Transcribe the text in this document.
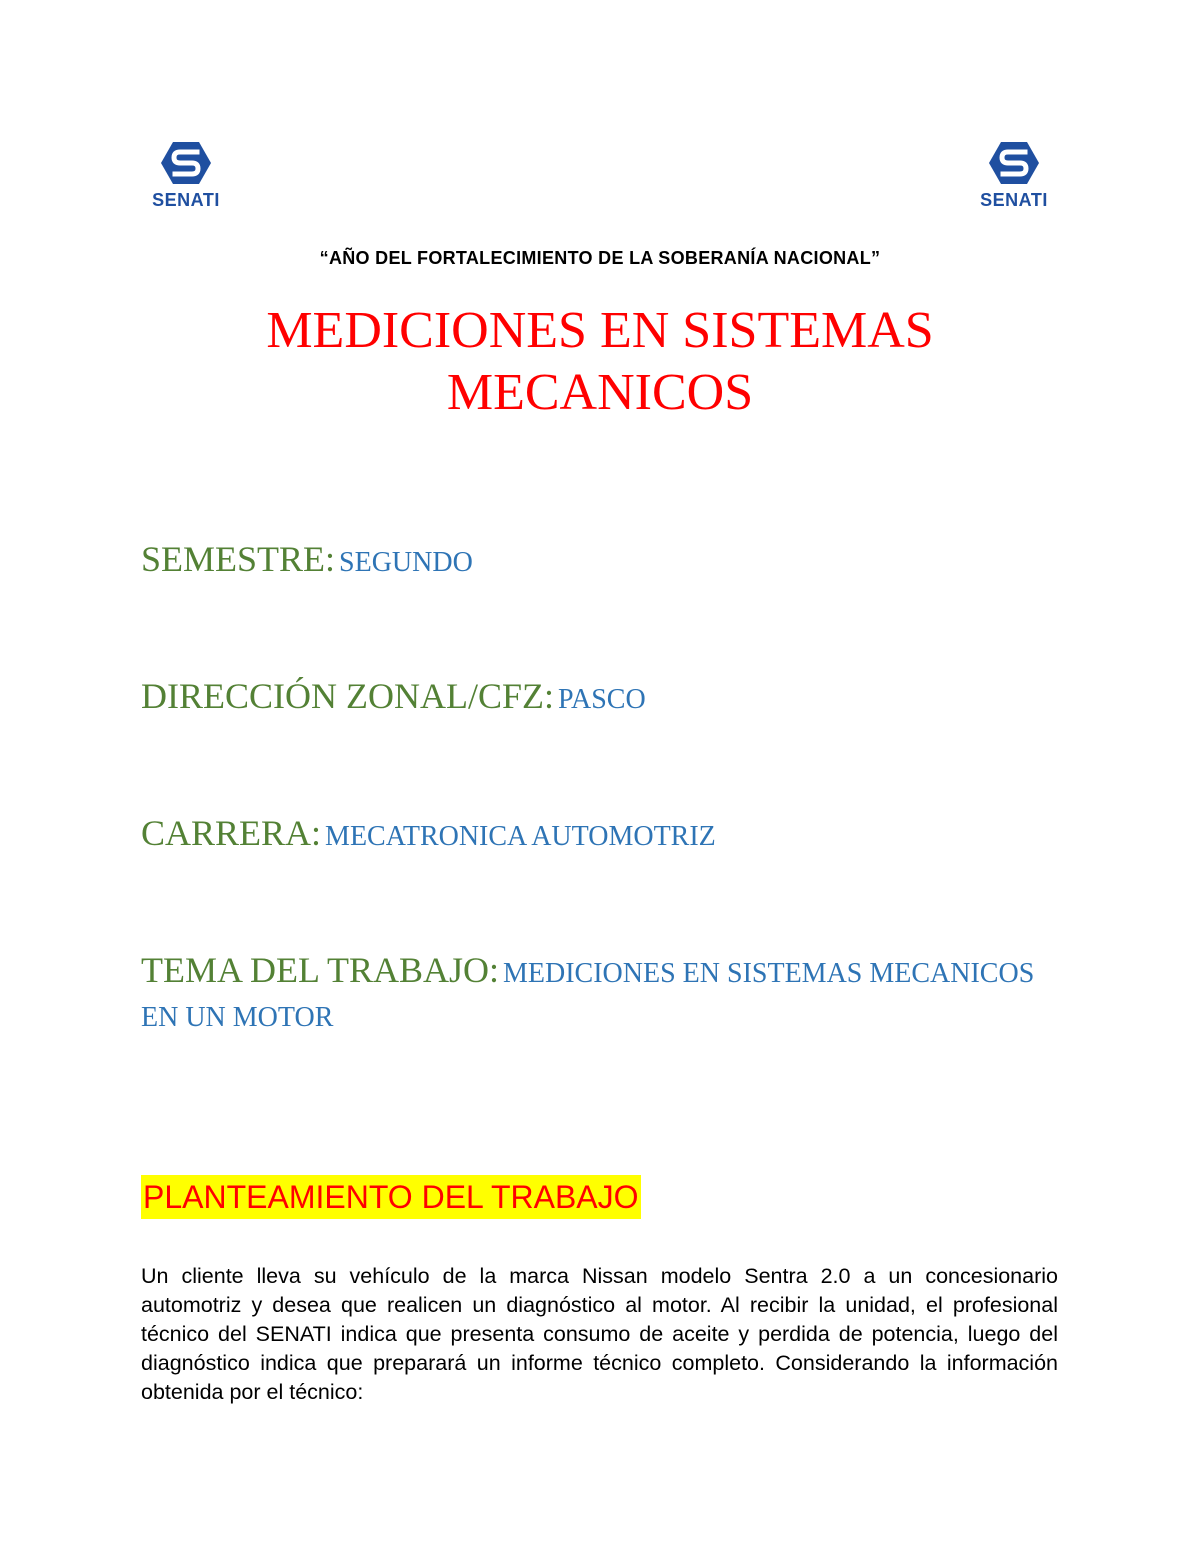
SENATI	SENATI
“AÑO DEL FORTALECIMIENTO DE LA SOBERANÍA NACIONAL”
MEDICIONES EN SISTEMAS
MECANICOS
SEMESTRE: SEGUNDO
DIRECCIÓN ZONAL/CFZ: PASCO
CARRERA: MECATRONICA AUTOMOTRIZ
TEMA DEL TRABAJO: MEDICIONES EN SISTEMAS MECANICOS EN UN MOTOR
PLANTEAMIENTO DEL TRABAJO
Un cliente lleva su vehículo de la marca Nissan modelo Sentra 2.0 a un concesionario automotriz y desea que realicen un diagnóstico al motor. Al recibir la unidad, el profesional técnico del SENATI indica que presenta consumo de aceite y perdida de potencia, luego del diagnóstico indica que preparará un informe técnico completo. Considerando la información obtenida por el técnico:
